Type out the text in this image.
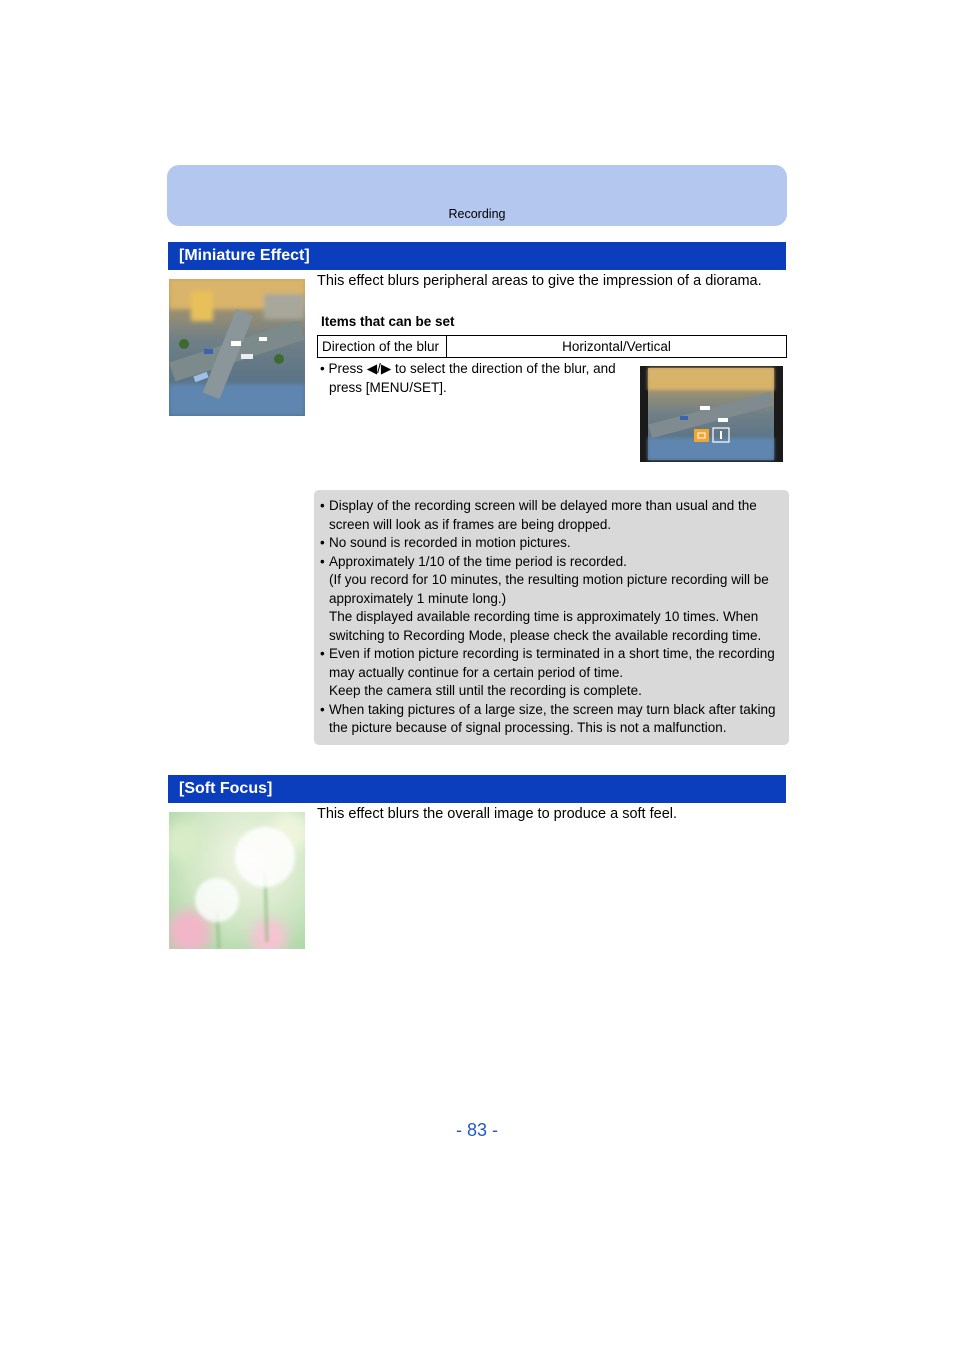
Recording
[Miniature Effect]
This effect blurs peripheral areas to give the impression of a diorama.
Items that can be set
Direction of the blur	Horizontal/Vertical
• Press ◀/▶ to select the direction of the blur, and
press [MENU/SET].
• Display of the recording screen will be delayed more than usual and the
screen will look as if frames are being dropped.
• No sound is recorded in motion pictures.
• Approximately 1/10 of the time period is recorded.
(If you record for 10 minutes, the resulting motion picture recording will be
approximately 1 minute long.)
The displayed available recording time is approximately 10 times. When
switching to Recording Mode, please check the available recording time.
• Even if motion picture recording is terminated in a short time, the recording
may actually continue for a certain period of time.
Keep the camera still until the recording is complete.
• When taking pictures of a large size, the screen may turn black after taking
the picture because of signal processing. This is not a malfunction.
[Soft Focus]
This effect blurs the overall image to produce a soft feel.
- 83 -
